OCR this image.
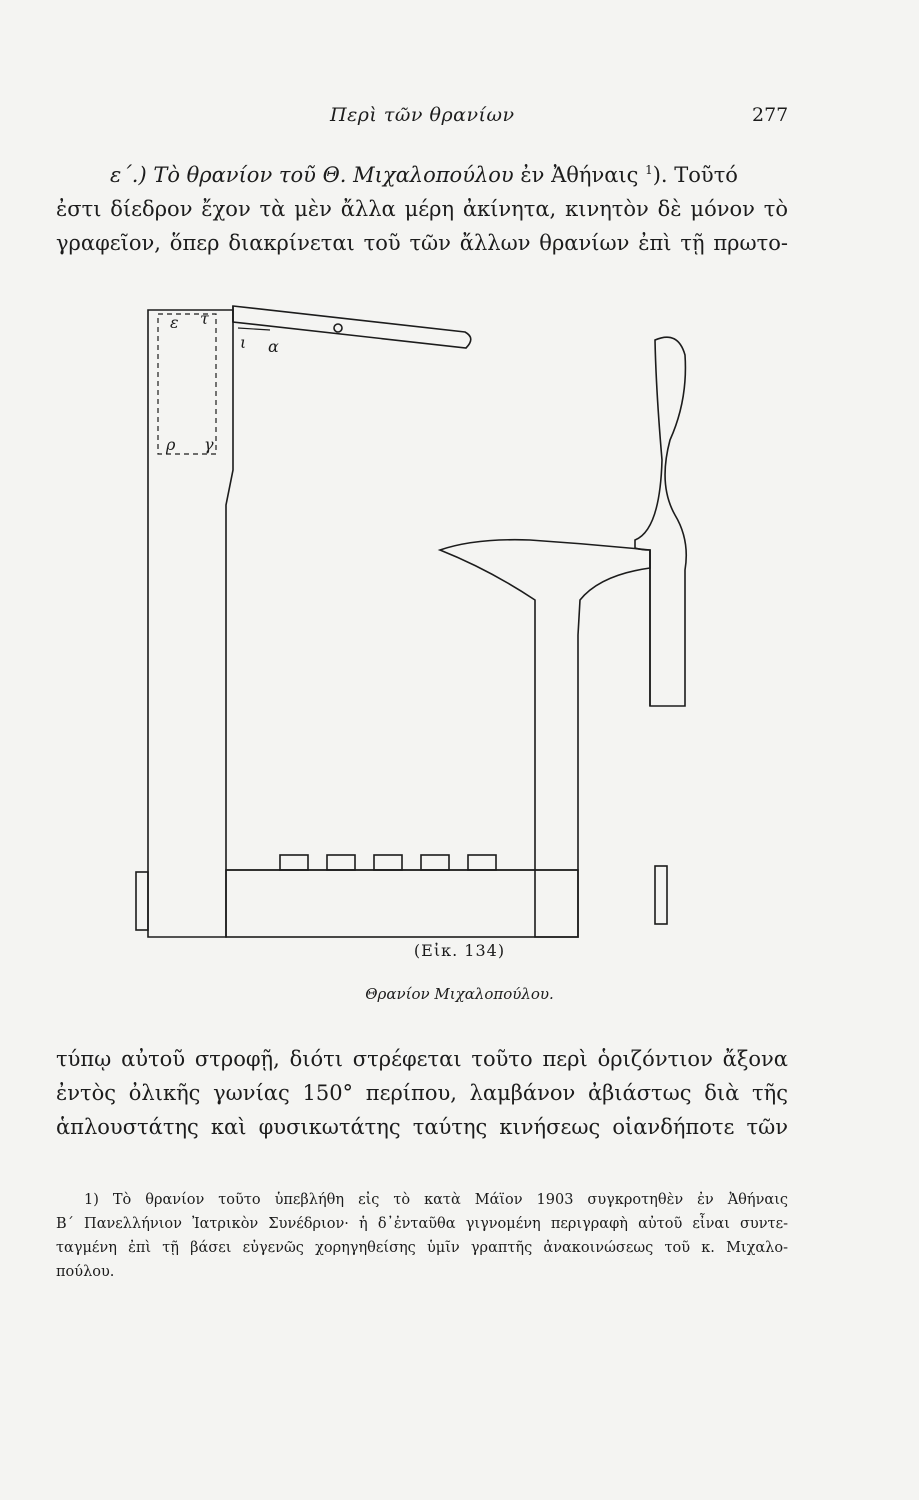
Περὶ τῶν θρανίων	277
ε΄.) Τὸ θρανίον τοῦ Θ. Μιχαλοπούλου ἐν Ἀθήναις $^1$). Τοῦτό
ἐστι δίεδρον ἔχον τὰ μὲν ἄλλα μέρη ἀκίνητα, κινητὸν δὲ μόνον τὸ
γραφεῖον, ὅπερ διακρίνεται τοῦ τῶν ἄλλων θρανίων ἐπὶ τῇ πρωτο-
ε τ
ι α
ρ γ
(Εἰκ. 134)
Θρανίον Μιχαλοπούλου.
τύπῳ αὐτοῦ στροφῇ, διότι στρέφεται τοῦτο περὶ ὁριζόντιον ἄξονα
ἐντὸς ὀλικῆς γωνίας 150° περίπου, λαμβάνον ἀβιάστως διὰ τῆς
ἁπλουστάτης καὶ φυσικωτάτης ταύτης κινήσεως οἱανδήποτε τῶν
1) Τὸ θρανίον τοῦτο ὑπεβλήθη εἰς τὸ κατὰ Μάϊον 1903 συγκροτηθὲν ἐν Ἀθήναις
Β΄ Πανελλήνιον Ἰατρικὸν Συνέδριον· ἡ δ᾿ἐνταῦθα γιγνομένη περιγραφὴ αὐτοῦ εἶναι συντε-
ταγμένη ἐπὶ τῇ βάσει εὐγενῶς χορηγηθείσης ὑμῖν γραπτῆς ἀνακοινώσεως τοῦ κ. Μιχαλο-
πούλου.
